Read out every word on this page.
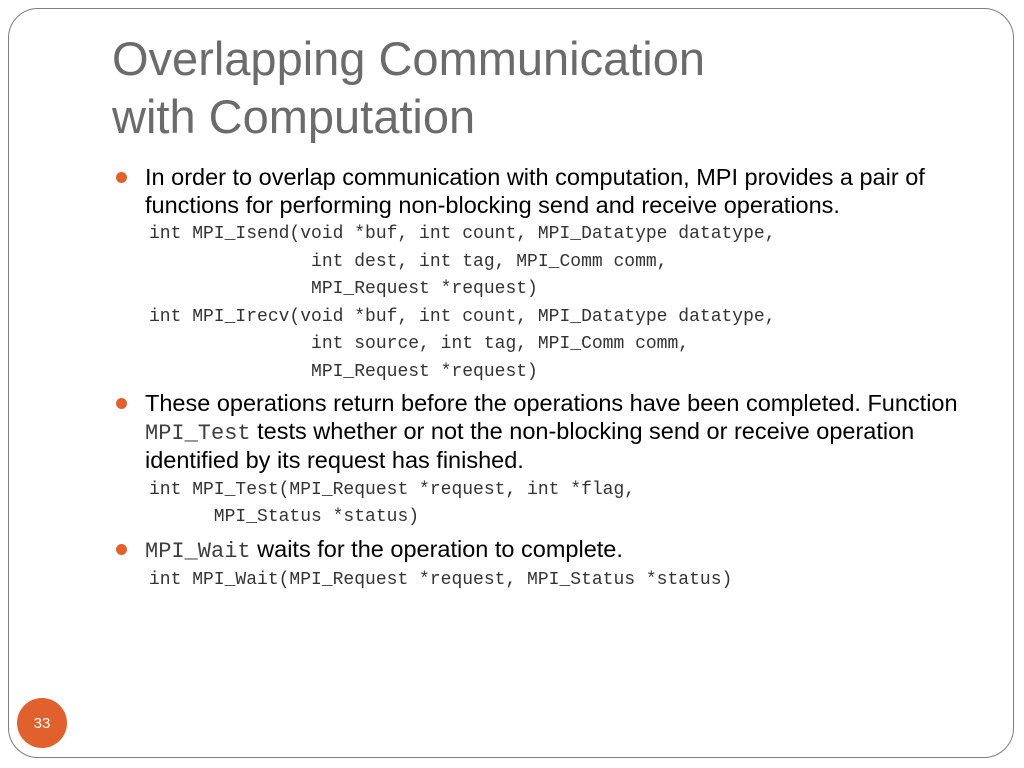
Overlapping Communication
with Computation
In order to overlap communication with computation, MPI provides a pair of functions for performing non-blocking send and receive operations.
int MPI_Isend(void *buf, int count, MPI_Datatype datatype,
int dest, int tag, MPI_Comm comm,
MPI_Request *request)
int MPI_Irecv(void *buf, int count, MPI_Datatype datatype,
int source, int tag, MPI_Comm comm,
MPI_Request *request)
These operations return before the operations have been completed. Function MPI_Test tests whether or not the non-blocking send or receive operation identified by its request has finished.
int MPI_Test(MPI_Request *request, int *flag,
MPI_Status *status)
MPI_Wait waits for the operation to complete.
int MPI_Wait(MPI_Request *request, MPI_Status *status)
33
